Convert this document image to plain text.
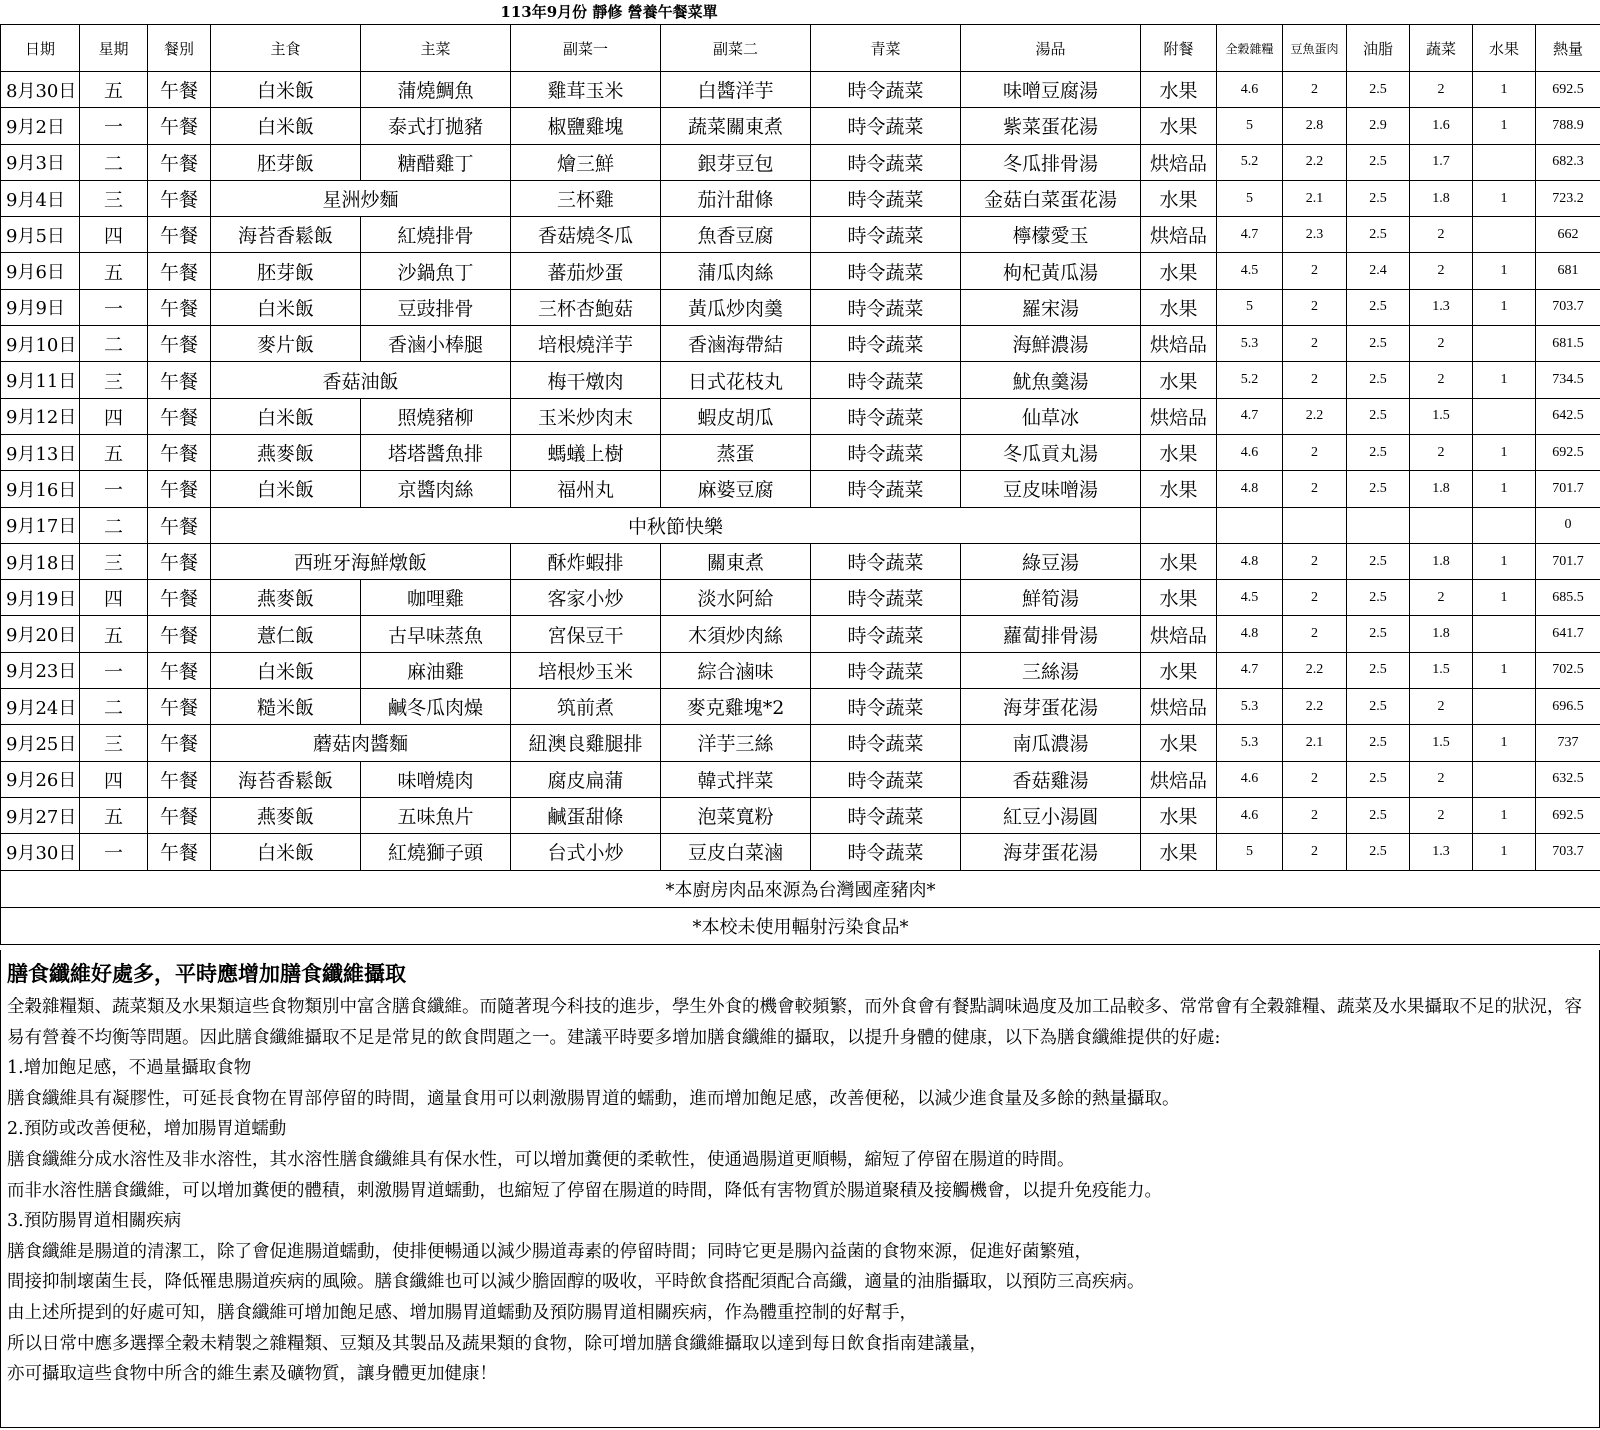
113年9月份 靜修 營養午餐菜單
日期	星期	餐別	主食	主菜	副菜一	副菜二	青菜	湯品	附餐	全穀雜糧	豆魚蛋肉	油脂	蔬菜	水果	熱量
8月30日	五	午餐	白米飯	蒲燒鯛魚	雞茸玉米	白醬洋芋	時令蔬菜	味噌豆腐湯	水果	4.6	2	2.5	2	1	692.5
9月2日	一	午餐	白米飯	泰式打拋豬	椒鹽雞塊	蔬菜關東煮	時令蔬菜	紫菜蛋花湯	水果	5	2.8	2.9	1.6	1	788.9
9月3日	二	午餐	胚芽飯	糖醋雞丁	燴三鮮	銀芽豆包	時令蔬菜	冬瓜排骨湯	烘焙品	5.2	2.2	2.5	1.7		682.3
9月4日	三	午餐	星洲炒麵		三杯雞	茄汁甜條	時令蔬菜	金菇白菜蛋花湯	水果	5	2.1	2.5	1.8	1	723.2
9月5日	四	午餐	海苔香鬆飯	紅燒排骨	香菇燒冬瓜	魚香豆腐	時令蔬菜	檸檬愛玉	烘焙品	4.7	2.3	2.5	2		662
9月6日	五	午餐	胚芽飯	沙鍋魚丁	蕃茄炒蛋	蒲瓜肉絲	時令蔬菜	枸杞黃瓜湯	水果	4.5	2	2.4	2	1	681
9月9日	一	午餐	白米飯	豆豉排骨	三杯杏鮑菇	黃瓜炒肉羹	時令蔬菜	羅宋湯	水果	5	2	2.5	1.3	1	703.7
9月10日	二	午餐	麥片飯	香滷小棒腿	培根燒洋芋	香滷海帶結	時令蔬菜	海鮮濃湯	烘焙品	5.3	2	2.5	2		681.5
9月11日	三	午餐	香菇油飯		梅干燉肉	日式花枝丸	時令蔬菜	魷魚羹湯	水果	5.2	2	2.5	2	1	734.5
9月12日	四	午餐	白米飯	照燒豬柳	玉米炒肉末	蝦皮胡瓜	時令蔬菜	仙草冰	烘焙品	4.7	2.2	2.5	1.5		642.5
9月13日	五	午餐	燕麥飯	塔塔醬魚排	螞蟻上樹	蒸蛋	時令蔬菜	冬瓜貢丸湯	水果	4.6	2	2.5	2	1	692.5
9月16日	一	午餐	白米飯	京醬肉絲	福州丸	麻婆豆腐	時令蔬菜	豆皮味噌湯	水果	4.8	2	2.5	1.8	1	701.7
9月17日	二	午餐	中秋節快樂												0
9月18日	三	午餐	西班牙海鮮燉飯		酥炸蝦排	關東煮	時令蔬菜	綠豆湯	水果	4.8	2	2.5	1.8	1	701.7
9月19日	四	午餐	燕麥飯	咖哩雞	客家小炒	淡水阿給	時令蔬菜	鮮筍湯	水果	4.5	2	2.5	2	1	685.5
9月20日	五	午餐	薏仁飯	古早味蒸魚	宮保豆干	木須炒肉絲	時令蔬菜	蘿蔔排骨湯	烘焙品	4.8	2	2.5	1.8		641.7
9月23日	一	午餐	白米飯	麻油雞	培根炒玉米	綜合滷味	時令蔬菜	三絲湯	水果	4.7	2.2	2.5	1.5	1	702.5
9月24日	二	午餐	糙米飯	鹹冬瓜肉燥	筑前煮	麥克雞塊*2	時令蔬菜	海芽蛋花湯	烘焙品	5.3	2.2	2.5	2		696.5
9月25日	三	午餐	蘑菇肉醬麵		紐澳良雞腿排	洋芋三絲	時令蔬菜	南瓜濃湯	水果	5.3	2.1	2.5	1.5	1	737
9月26日	四	午餐	海苔香鬆飯	味噌燒肉	腐皮扁蒲	韓式拌菜	時令蔬菜	香菇雞湯	烘焙品	4.6	2	2.5	2		632.5
9月27日	五	午餐	燕麥飯	五味魚片	鹹蛋甜條	泡菜寬粉	時令蔬菜	紅豆小湯圓	水果	4.6	2	2.5	2	1	692.5
9月30日	一	午餐	白米飯	紅燒獅子頭	台式小炒	豆皮白菜滷	時令蔬菜	海芽蛋花湯	水果	5	2	2.5	1.3	1	703.7
*本廚房肉品來源為台灣國產豬肉*															
*本校未使用輻射污染食品*															
膳食纖維好處多，平時應增加膳食纖維攝取

全穀雜糧類、蔬菜類及水果類這些食物類別中富含膳食纖維。而隨著現今科技的進步，學生外食的機會較頻繁，而外食會有餐點調味過度及加工品較多、常常會有全穀雜糧、蔬菜及水果攝取不足的狀況，容易有營養不均衡等問題。因此膳食纖維攝取不足是常見的飲食問題之一。建議平時要多增加膳食纖維的攝取，以提升身體的健康，以下為膳食纖維提供的好處:

1.增加飽足感，不過量攝取食物

膳食纖維具有凝膠性，可延長食物在胃部停留的時間，適量食用可以刺激腸胃道的蠕動，進而增加飽足感，改善便秘，以減少進食量及多餘的熱量攝取。

2.預防或改善便秘，增加腸胃道蠕動

膳食纖維分成水溶性及非水溶性，其水溶性膳食纖維具有保水性，可以增加糞便的柔軟性，使通過腸道更順暢，縮短了停留在腸道的時間。

而非水溶性膳食纖維，可以增加糞便的體積，刺激腸胃道蠕動，也縮短了停留在腸道的時間，降低有害物質於腸道聚積及接觸機會，以提升免疫能力。

3.預防腸胃道相關疾病

膳食纖維是腸道的清潔工，除了會促進腸道蠕動，使排便暢通以減少腸道毒素的停留時間；同時它更是腸內益菌的食物來源，促進好菌繁殖，

間接抑制壞菌生長，降低罹患腸道疾病的風險。膳食纖維也可以減少膽固醇的吸收，平時飲食搭配須配合高纖，適量的油脂攝取，以預防三高疾病。

由上述所提到的好處可知，膳食纖維可增加飽足感、增加腸胃道蠕動及預防腸胃道相關疾病，作為體重控制的好幫手，

所以日常中應多選擇全穀未精製之雜糧類、豆類及其製品及蔬果類的食物，除可增加膳食纖維攝取以達到每日飲食指南建議量，

亦可攝取這些食物中所含的維生素及礦物質，讓身體更加健康！
